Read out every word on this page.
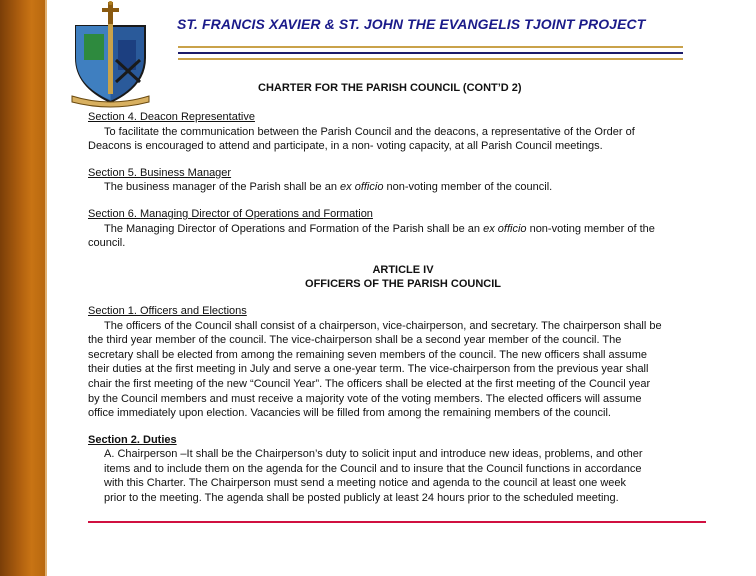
ST. FRANCIS XAVIER & ST. JOHN THE EVANGELIS TJOINT PROJECT
CHARTER FOR THE PARISH COUNCIL (CONT’D 2)
Section 4. Deacon Representative
To facilitate the communication between the Parish Council and the deacons, a representative of the Order of
Deacons is encouraged to attend and participate, in a non- voting capacity, at all Parish Council meetings.
Section 5. Business Manager
The business manager of the Parish shall be an ex officio non-voting member of the council.
Section 6. Managing Director of Operations and Formation
The Managing Director of Operations and Formation of the Parish shall be an ex officio non-voting member of the
council.
ARTICLE IV
OFFICERS OF THE PARISH COUNCIL
Section 1. Officers and Elections
The officers of the Council shall consist of a chairperson, vice-chairperson, and secretary. The chairperson shall be
the third year member of the council. The vice-chairperson shall be a second year member of the council. The
secretary shall be elected from among the remaining seven members of the council. The new officers shall assume
their duties at the first meeting in July and serve a one-year term. The vice-chairperson from the previous year shall
chair the first meeting of the new “Council Year”. The officers shall be elected at the first meeting of the Council year
by the Council members and must receive a majority vote of the voting members. The elected officers will assume
office immediately upon election. Vacancies will be filled from among the remaining members of the council.
Section 2. Duties
A. Chairperson –It shall be the Chairperson’s duty to solicit input and introduce new ideas, problems, and other
items and to include them on the agenda for the Council and to insure that the Council functions in accordance
with this Charter. The Chairperson must send a meeting notice and agenda to the council at least one week
prior to the meeting. The agenda shall be posted publicly at least 24 hours prior to the scheduled meeting.
